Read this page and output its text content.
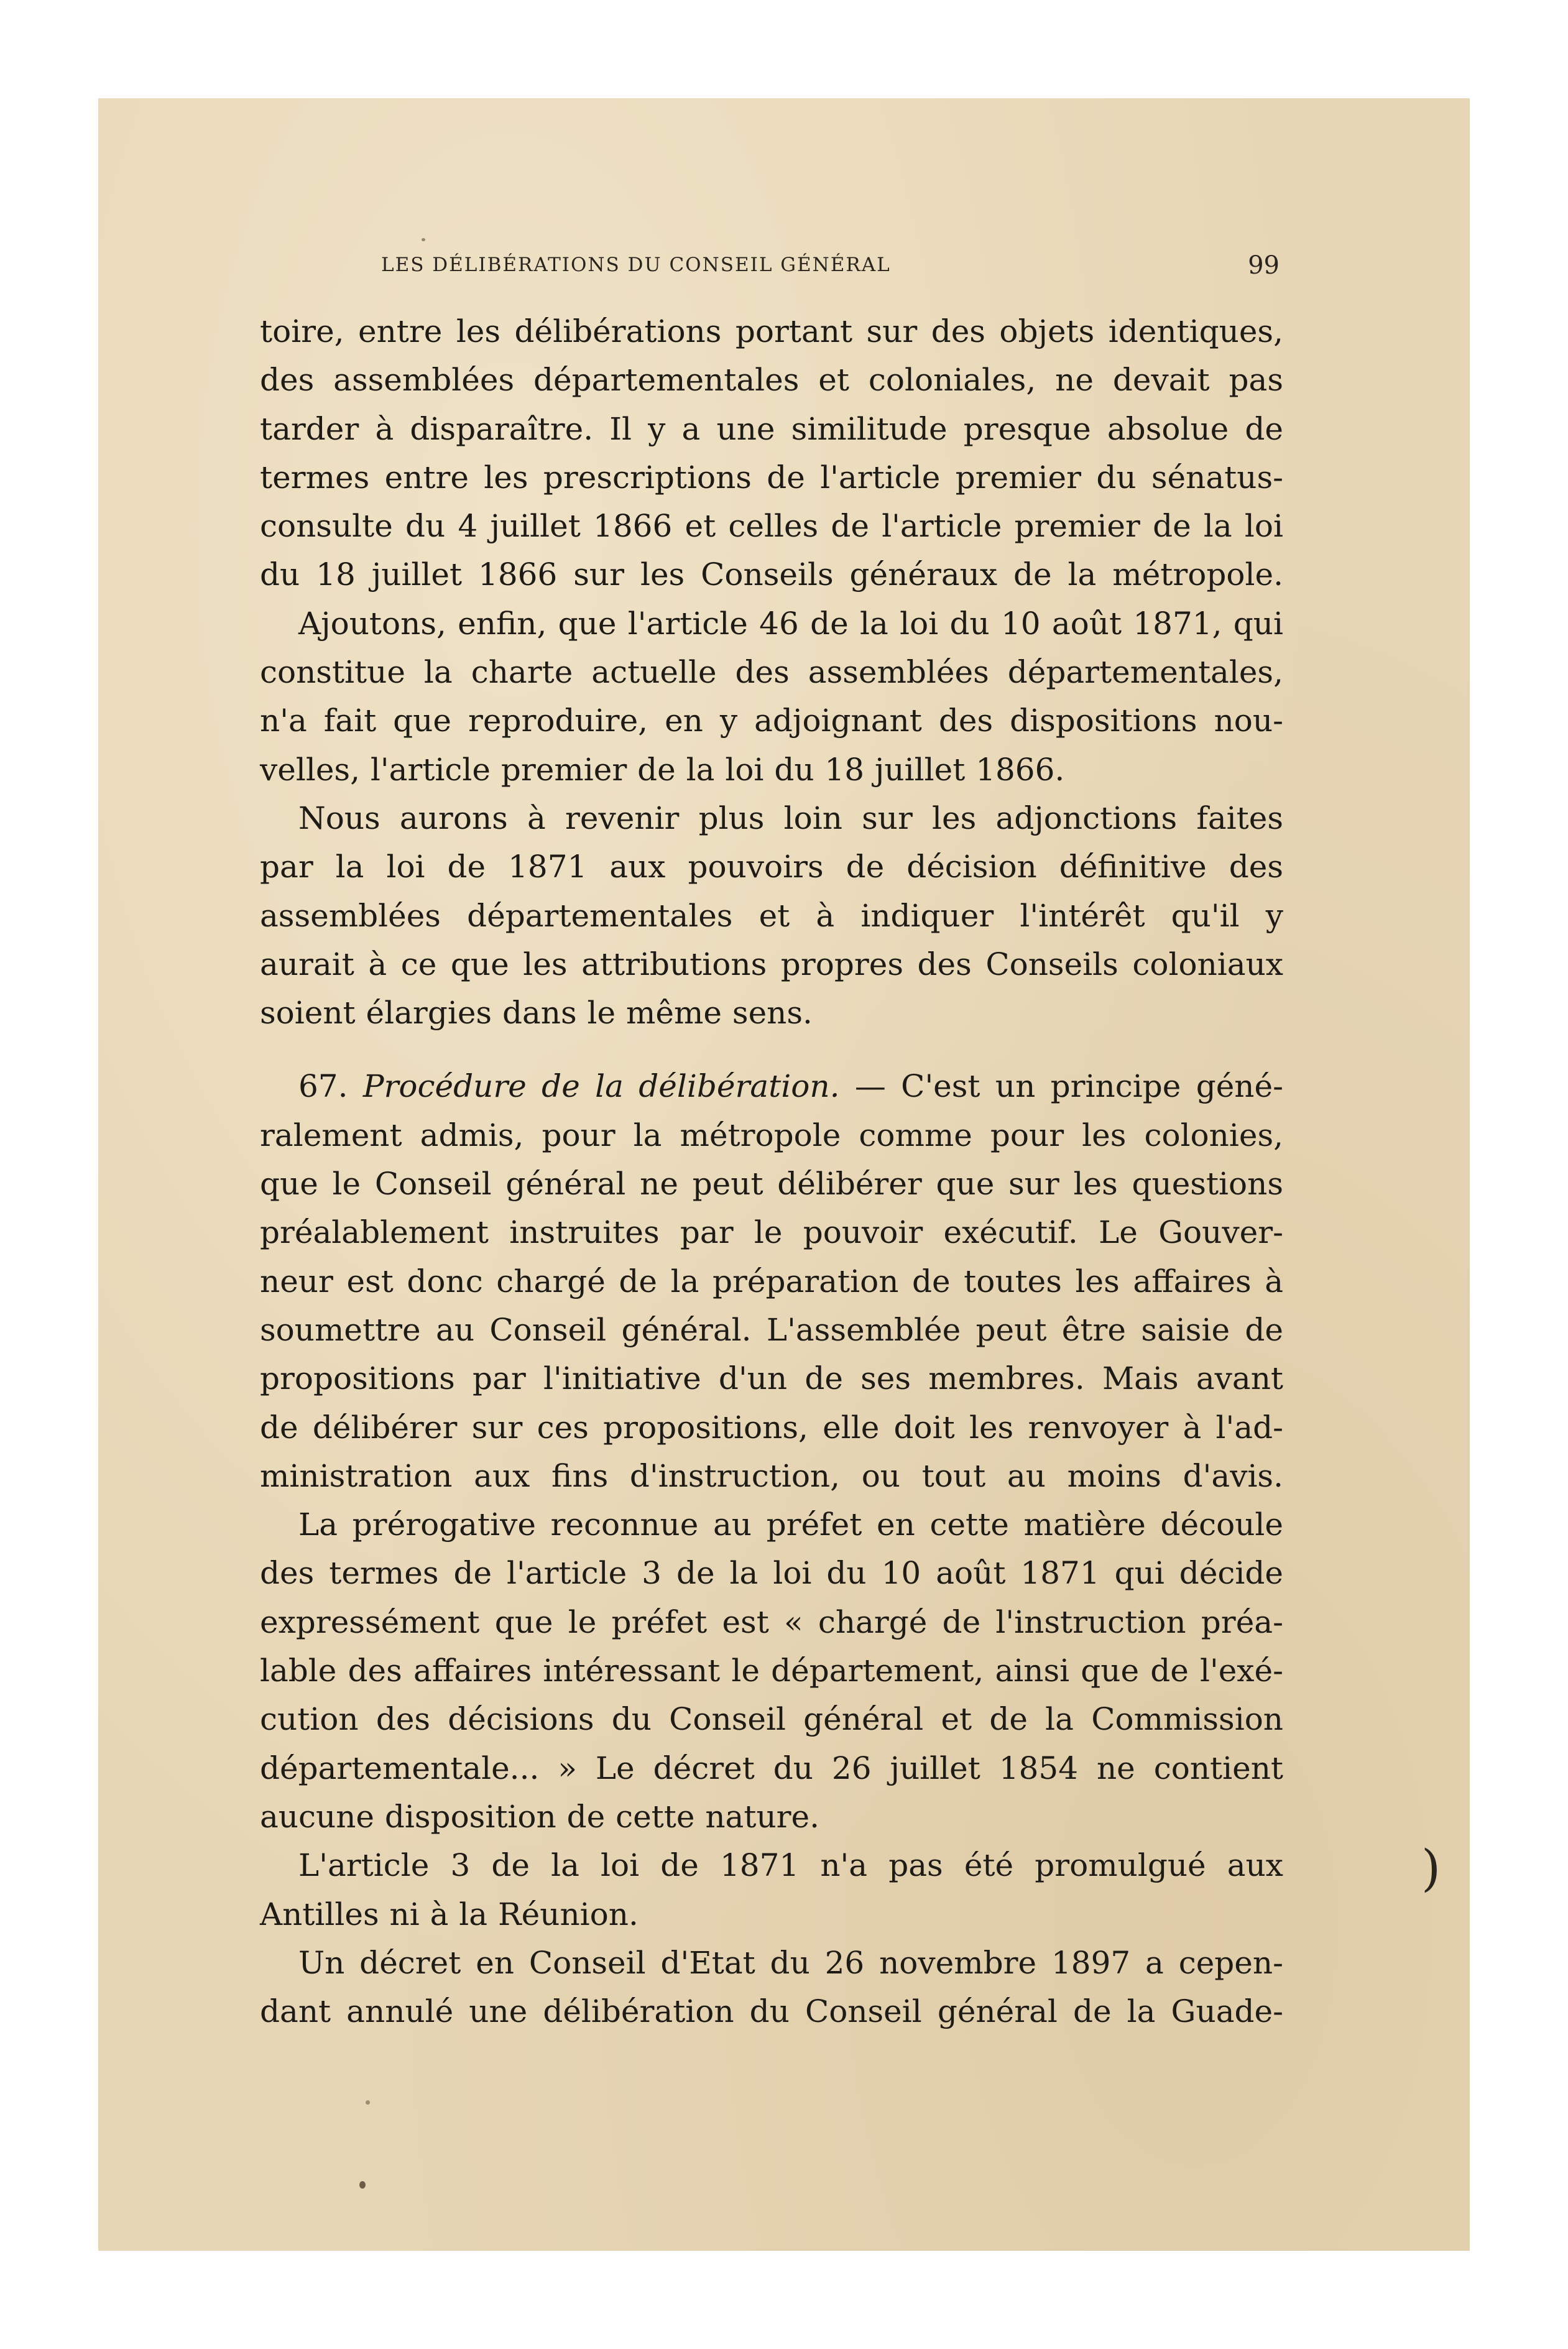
)
LES DÉLIBÉRATIONS DU CONSEIL GÉNÉRAL	99

toire, entre les délibérations portant sur des objets identiques,

des assemblées départementales et coloniales, ne devait pas

tarder à disparaître. Il y a une similitude presque absolue de

termes entre les prescriptions de l'article premier du sénatus-

consulte du 4 juillet 1866 et celles de l'article premier de la loi

du 18 juillet 1866 sur les Conseils généraux de la métropole.

Ajoutons, enfin, que l'article 46 de la loi du 10 août 1871, qui

constitue la charte actuelle des assemblées départementales,

n'a fait que reproduire, en y adjoignant des dispositions nou-

velles, l'article premier de la loi du 18 juillet 1866.

Nous aurons à revenir plus loin sur les adjonctions faites

par la loi de 1871 aux pouvoirs de décision définitive des

assemblées départementales et à indiquer l'intérêt qu'il y

aurait à ce que les attributions propres des Conseils coloniaux

soient élargies dans le même sens.

67. Procédure de la délibération. — C'est un principe géné-

ralement admis, pour la métropole comme pour les colonies,

que le Conseil général ne peut délibérer que sur les questions

préalablement instruites par le pouvoir exécutif. Le Gouver-

neur est donc chargé de la préparation de toutes les affaires à

soumettre au Conseil général. L'assemblée peut être saisie de

propositions par l'initiative d'un de ses membres. Mais avant

de délibérer sur ces propositions, elle doit les renvoyer à l'ad-

ministration aux fins d'instruction, ou tout au moins d'avis.

La prérogative reconnue au préfet en cette matière découle

des termes de l'article 3 de la loi du 10 août 1871 qui décide

expressément que le préfet est « chargé de l'instruction préa-

lable des affaires intéressant le département, ainsi que de l'exé-

cution des décisions du Conseil général et de la Commission

départementale... » Le décret du 26 juillet 1854 ne contient

aucune disposition de cette nature.

L'article 3 de la loi de 1871 n'a pas été promulgué aux

Antilles ni à la Réunion.

Un décret en Conseil d'Etat du 26 novembre 1897 a cepen-

dant annulé une délibération du Conseil général de la Guade-
